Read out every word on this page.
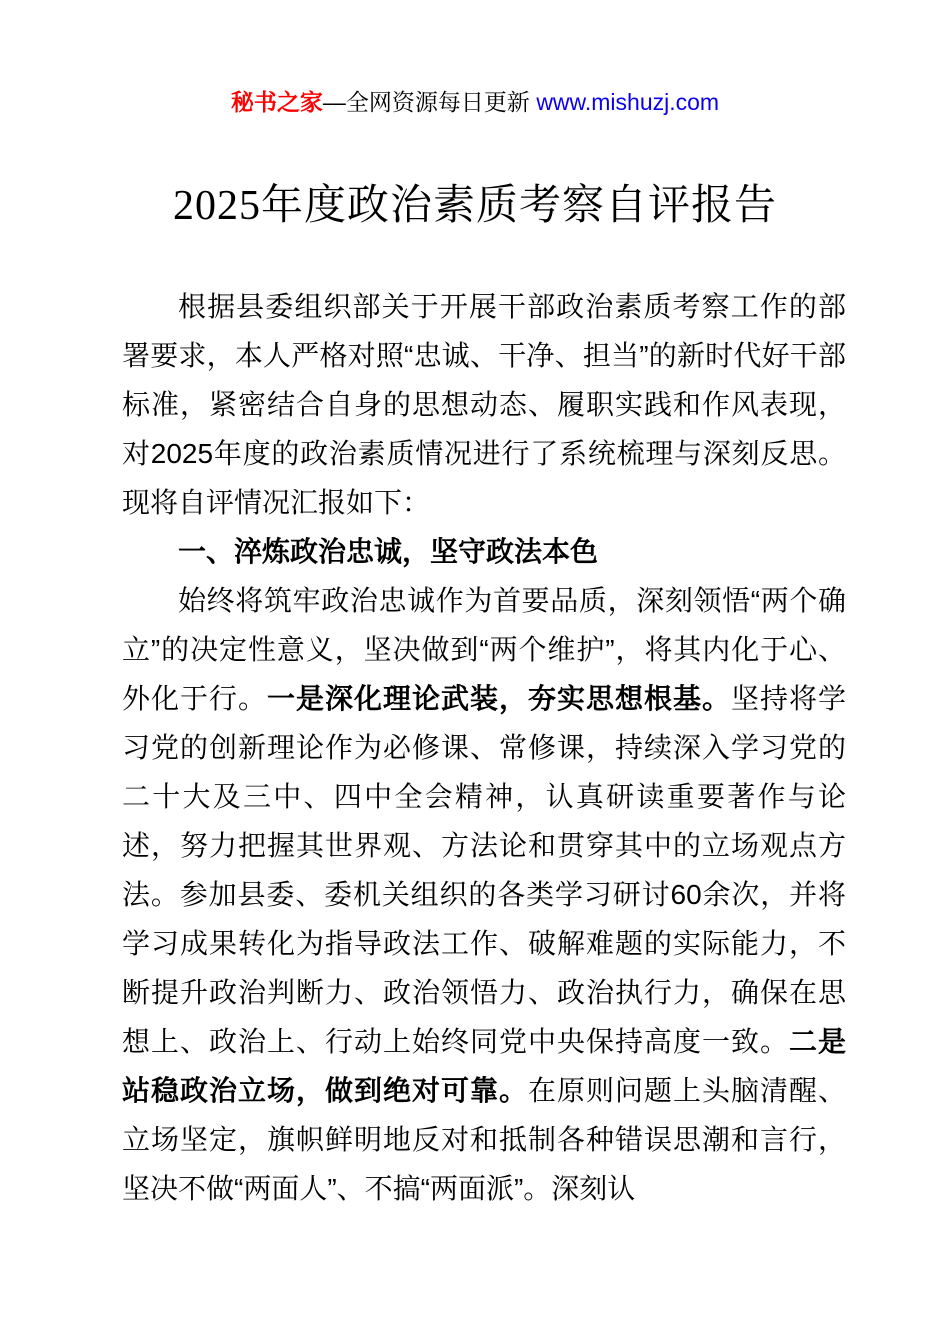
秘书之家—全网资源每日更新 www.mishuzj.com
2025年度政治素质考察自评报告

根据县委组织部关于开展干部政治素质考察工作的部署要求，本人严格对照“忠诚、干净、担当”的新时代好干部标准，紧密结合自身的思想动态、履职实践和作风表现，对2025年度的政治素质情况进行了系统梳理与深刻反思。现将自评情况汇报如下：

一、淬炼政治忠诚，坚守政法本色

始终将筑牢政治忠诚作为首要品质，深刻领悟“两个确立”的决定性意义，坚决做到“两个维护”，将其内化于心、外化于行。一是深化理论武装，夯实思想根基。坚持将学习党的创新理论作为必修课、常修课，持续深入学习党的二十大及三中、四中全会精神，认真研读重要著作与论述，努力把握其世界观、方法论和贯穿其中的立场观点方法。参加县委、委机关组织的各类学习研讨60余次，并将学习成果转化为指导政法工作、破解难题的实际能力，不断提升政治判断力、政治领悟力、政治执行力，确保在思想上、政治上、行动上始终同党中央保持高度一致。二是站稳政治立场，做到绝对可靠。在原则问题上头脑清醒、立场坚定，旗帜鲜明地反对和抵制各种错误思潮和言行，坚决不做“两面人”、不搞“两面派”。深刻认
